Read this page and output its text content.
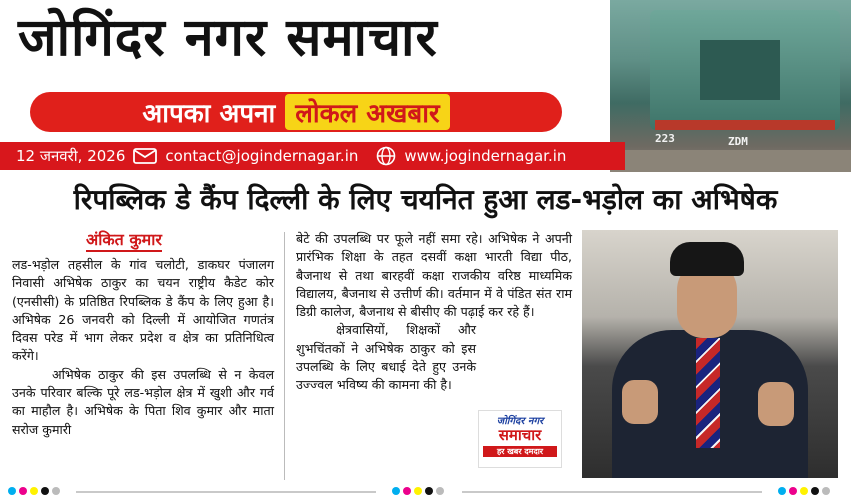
223	ZDM
जोगिंदर नगर समाचार
आपका अपना लोकल अखबार
12 जनवरी, 2026	contact@jogindernagar.in	www.jogindernagar.in
रिपब्लिक डे कैंप दिल्ली के लिए चयनित हुआ लड-भड़ोल का अभिषेक
अंकित कुमार

लड-भड़ोल तहसील के गांव चलोटी, डाकघर पंजालग निवासी अभिषेक ठाकुर का चयन राष्ट्रीय कैडेट कोर (एनसीसी) के प्रतिष्ठित रिपब्लिक डे कैंप के लिए हुआ है। अभिषेक 26 जनवरी को दिल्ली में आयोजित गणतंत्र दिवस परेड में भाग लेकर प्रदेश व क्षेत्र का प्रतिनिधित्व करेंगे।

अभिषेक ठाकुर की इस उपलब्धि से न केवल उनके परिवार बल्कि पूरे लड-भड़ोल क्षेत्र में खुशी और गर्व का माहौल है। अभिषेक के पिता शिव कुमार और माता सरोज कुमारी

बेटे की उपलब्धि पर फूले नहीं समा रहे। अभिषेक ने अपनी प्रारंभिक शिक्षा के तहत दसवीं कक्षा भारती विद्या पीठ, बैजनाथ से तथा बारहवीं कक्षा राजकीय वरिष्ठ माध्यमिक विद्यालय, बैजनाथ से उत्तीर्ण की। वर्तमान में वे पंडित संत राम डिग्री कालेज, बैजनाथ से बीसीए की पढ़ाई कर रहे हैं।

क्षेत्रवासियों, शिक्षकों और शुभचिंतकों ने अभिषेक ठाकुर को इस उपलब्धि के लिए बधाई देते हुए उनके उज्ज्वल भविष्य की कामना की है।

जोगिंदर नगर
समाचार
हर खबर दमदार
